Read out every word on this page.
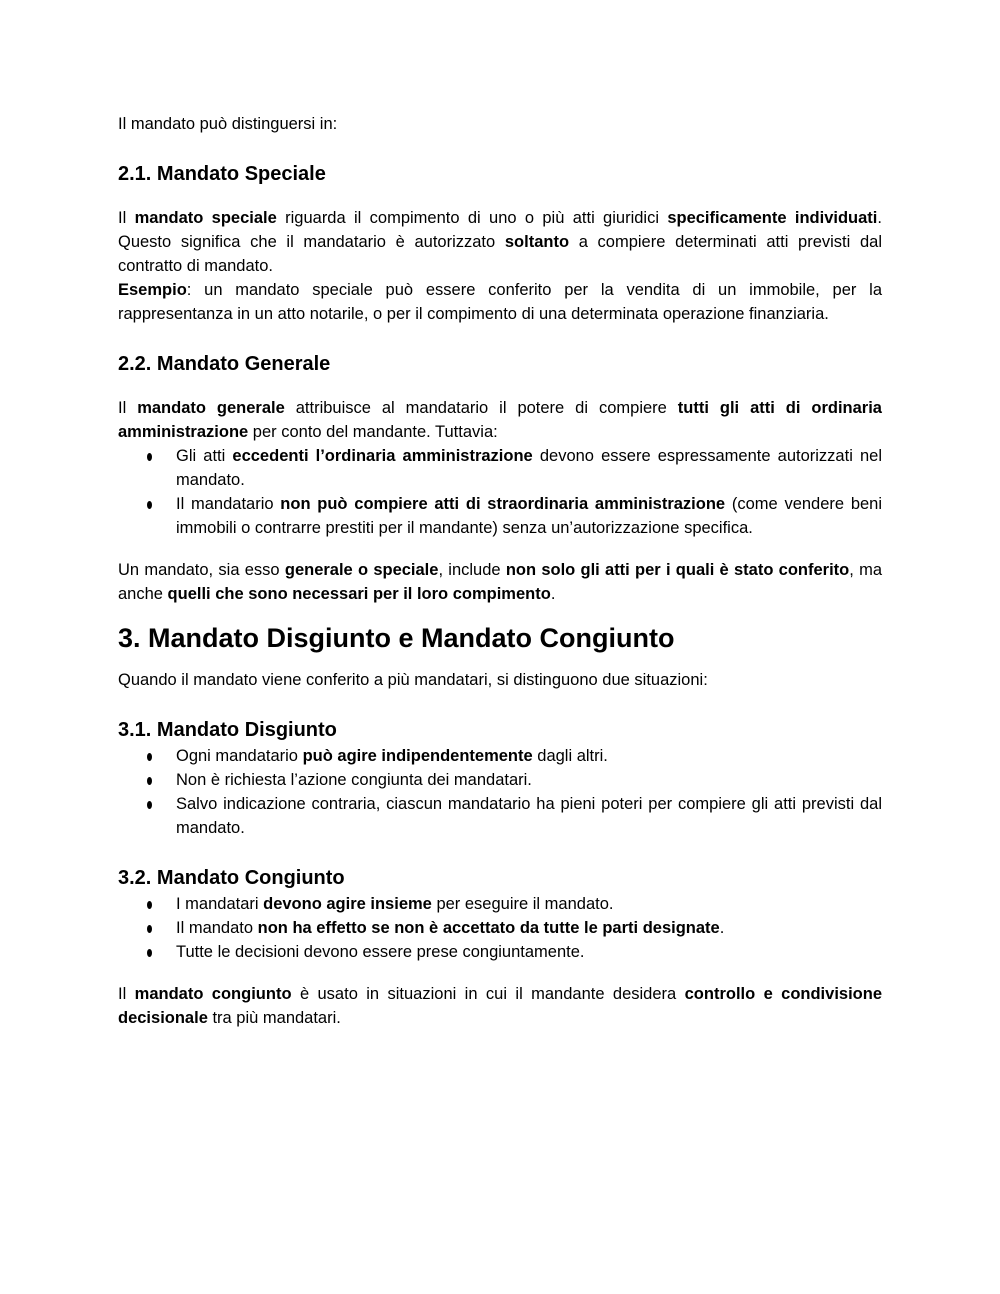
Il mandato può distinguersi in:

2.1. Mandato Speciale

Il mandato speciale riguarda il compimento di uno o più atti giuridici specificamente individuati. Questo significa che il mandatario è autorizzato soltanto a compiere determinati atti previsti dal contratto di mandato.

Esempio: un mandato speciale può essere conferito per la vendita di un immobile, per la rappresentanza in un atto notarile, o per il compimento di una determinata operazione finanziaria.

2.2. Mandato Generale

Il mandato generale attribuisce al mandatario il potere di compiere tutti gli atti di ordinaria amministrazione per conto del mandante. Tuttavia:

Gli atti eccedenti l’ordinaria amministrazione devono essere espressamente autorizzati nel mandato.
Il mandatario non può compiere atti di straordinaria amministrazione (come vendere beni immobili o contrarre prestiti per il mandante) senza un’autorizzazione specifica.

Un mandato, sia esso generale o speciale, include non solo gli atti per i quali è stato conferito, ma anche quelli che sono necessari per il loro compimento.

3. Mandato Disgiunto e Mandato Congiunto

Quando il mandato viene conferito a più mandatari, si distinguono due situazioni:

3.1. Mandato Disgiunto
Ogni mandatario può agire indipendentemente dagli altri.
Non è richiesta l’azione congiunta dei mandatari.
Salvo indicazione contraria, ciascun mandatario ha pieni poteri per compiere gli atti previsti dal mandato.
3.2. Mandato Congiunto
I mandatari devono agire insieme per eseguire il mandato.
Il mandato non ha effetto se non è accettato da tutte le parti designate.
Tutte le decisioni devono essere prese congiuntamente.

Il mandato congiunto è usato in situazioni in cui il mandante desidera controllo e condivisione decisionale tra più mandatari.
